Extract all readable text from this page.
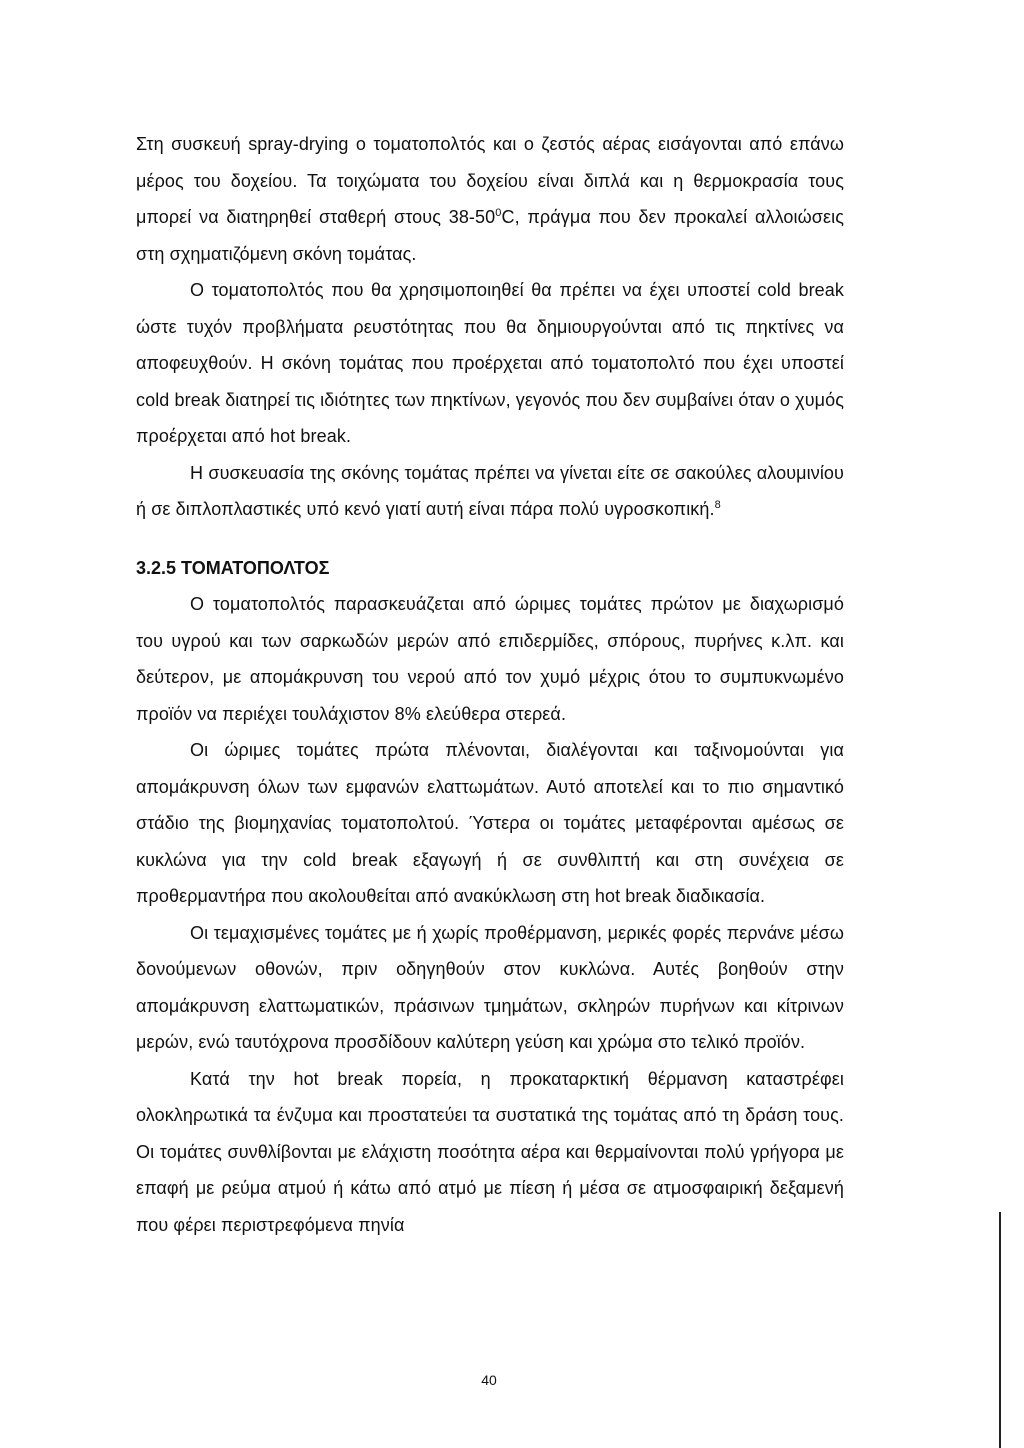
Στη συσκευή spray-drying ο τοματοπολτός και ο ζεστός αέρας εισάγονται από επάνω μέρος του δοχείου. Τα τοιχώματα του δοχείου είναι διπλά και η θερμοκρασία τους μπορεί να διατηρηθεί σταθερή στους $38-50^0C$, πράγμα που δεν προκαλεί αλλοιώσεις στη σχηματιζόμενη σκόνη τομάτας.

Ο τοματοπολτός που θα χρησιμοποιηθεί θα πρέπει να έχει υποστεί cold break ώστε τυχόν προβλήματα ρευστότητας που θα δημιουργούνται από τις πηκτίνες να αποφευχθούν. Η σκόνη τομάτας που προέρχεται από τοματοπολτό που έχει υποστεί cold break διατηρεί τις ιδιότητες των πηκτίνων, γεγονός που δεν συμβαίνει όταν ο χυμός προέρχεται από hot break.

Η συσκευασία της σκόνης τομάτας πρέπει να γίνεται είτε σε σακούλες αλουμινίου ή σε διπλοπλαστικές υπό κενό γιατί αυτή είναι πάρα πολύ υγροσκοπική.$^8$

3.2.5 ΤΟΜΑΤΟΠΟΛΤΟΣ

Ο τοματοπολτός παρασκευάζεται από ώριμες τομάτες πρώτον με διαχωρισμό του υγρού και των σαρκωδών μερών από επιδερμίδες, σπόρους, πυρήνες κ.λπ. και δεύτερον, με απομάκρυνση του νερού από τον χυμό μέχρις ότου το συμπυκνωμένο προϊόν να περιέχει τουλάχιστον 8% ελεύθερα στερεά.

Οι ώριμες τομάτες πρώτα πλένονται, διαλέγονται και ταξινομούνται για απομάκρυνση όλων των εμφανών ελαττωμάτων. Αυτό αποτελεί και το πιο σημαντικό στάδιο της βιομηχανίας τοματοπολτού. Ύστερα οι τομάτες μεταφέρονται αμέσως σε κυκλώνα για την cold break εξαγωγή ή σε συνθλιπτή και στη συνέχεια σε προθερμαντήρα που ακολουθείται από ανακύκλωση στη hot break διαδικασία.

Οι τεμαχισμένες τομάτες με ή χωρίς προθέρμανση, μερικές φορές περνάνε μέσω δονούμενων οθονών, πριν οδηγηθούν στον κυκλώνα. Αυτές βοηθούν στην απομάκρυνση ελαττωματικών, πράσινων τμημάτων, σκληρών πυρήνων και κίτρινων μερών, ενώ ταυτόχρονα προσδίδουν καλύτερη γεύση και χρώμα στο τελικό προϊόν.

Κατά την hot break πορεία, η προκαταρκτική θέρμανση καταστρέφει ολοκληρωτικά τα ένζυμα και προστατεύει τα συστατικά της τομάτας από τη δράση τους. Οι τομάτες συνθλίβονται με ελάχιστη ποσότητα αέρα και θερμαίνονται πολύ γρήγορα με επαφή με ρεύμα ατμού ή κάτω από ατμό με πίεση ή μέσα σε ατμοσφαιρική δεξαμενή που φέρει περιστρεφόμενα πηνία

40
